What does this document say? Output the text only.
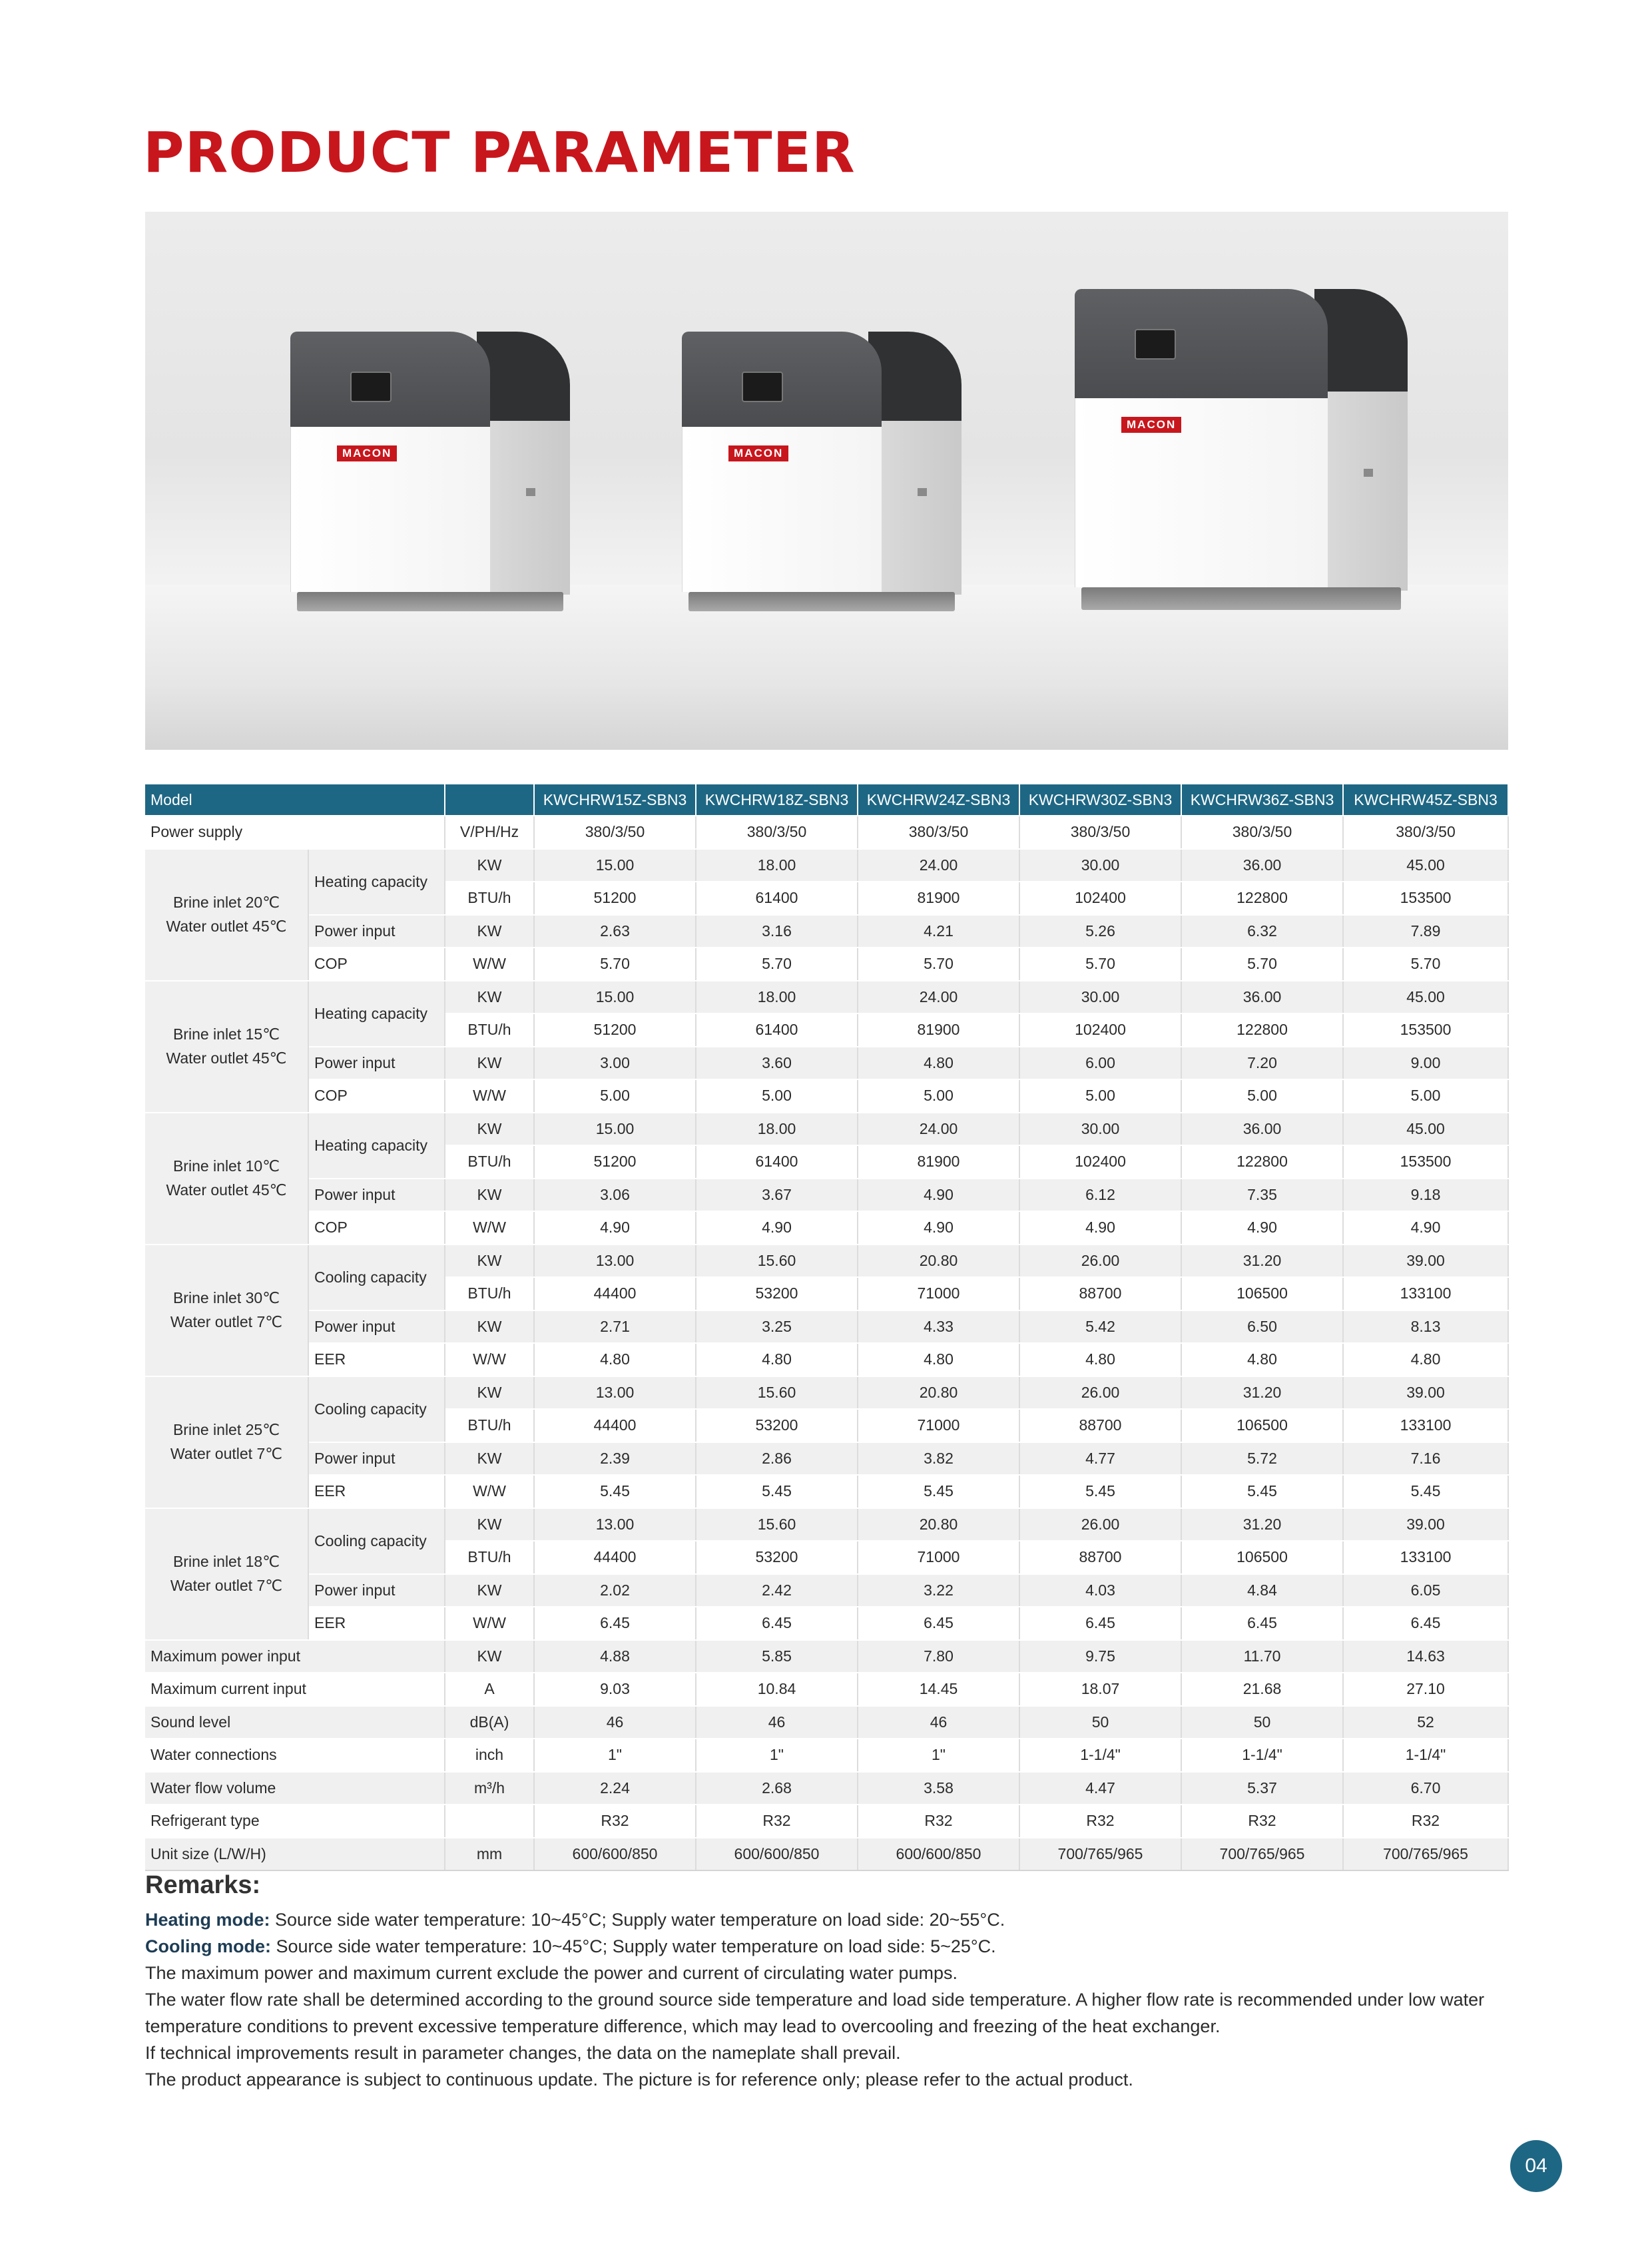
PRODUCT PARAMETER
MACON	MACON
MACON
Model			KWCHRW15Z-SBN3	KWCHRW18Z-SBN3	KWCHRW24Z-SBN3	KWCHRW30Z-SBN3	KWCHRW36Z-SBN3	KWCHRW45Z-SBN3
Power supply		V/PH/Hz	380/3/50	380/3/50	380/3/50	380/3/50	380/3/50	380/3/50

Brine inlet 20℃
Water outlet 45℃	Heating capacity	KW	15.00	18.00	24.00	30.00	36.00	45.00
		BTU/h	51200	61400	81900	102400	122800	153500
	Power input	KW	2.63	3.16	4.21	5.26	6.32	7.89
	COP	W/W	5.70	5.70	5.70	5.70	5.70	5.70

Brine inlet 15℃
Water outlet 45℃	Heating capacity	KW	15.00	18.00	24.00	30.00	36.00	45.00
		BTU/h	51200	61400	81900	102400	122800	153500
	Power input	KW	3.00	3.60	4.80	6.00	7.20	9.00
	COP	W/W	5.00	5.00	5.00	5.00	5.00	5.00

Brine inlet 10℃
Water outlet 45℃	Heating capacity	KW	15.00	18.00	24.00	30.00	36.00	45.00
		BTU/h	51200	61400	81900	102400	122800	153500
	Power input	KW	3.06	3.67	4.90	6.12	7.35	9.18
	COP	W/W	4.90	4.90	4.90	4.90	4.90	4.90

Brine inlet 30℃
Water outlet 7℃	Cooling capacity	KW	13.00	15.60	20.80	26.00	31.20	39.00
		BTU/h	44400	53200	71000	88700	106500	133100
	Power input	KW	2.71	3.25	4.33	5.42	6.50	8.13
	EER	W/W	4.80	4.80	4.80	4.80	4.80	4.80

Brine inlet 25℃
Water outlet 7℃	Cooling capacity	KW	13.00	15.60	20.80	26.00	31.20	39.00
		BTU/h	44400	53200	71000	88700	106500	133100
	Power input	KW	2.39	2.86	3.82	4.77	5.72	7.16
	EER	W/W	5.45	5.45	5.45	5.45	5.45	5.45

Brine inlet 18℃
Water outlet 7℃	Cooling capacity	KW	13.00	15.60	20.80	26.00	31.20	39.00
		BTU/h	44400	53200	71000	88700	106500	133100
	Power input	KW	2.02	2.42	3.22	4.03	4.84	6.05
	EER	W/W	6.45	6.45	6.45	6.45	6.45	6.45
Maximum power input		KW	4.88	5.85	7.80	9.75	11.70	14.63
Maximum current input		A	9.03	10.84	14.45	18.07	21.68	27.10
Sound level		dB(A)	46	46	46	50	50	52
Water connections		inch	1"	1"	1"	1-1/4"	1-1/4"	1-1/4"
Water flow volume		m³/h	2.24	2.68	3.58	4.47	5.37	6.70
Refrigerant type			R32	R32	R32	R32	R32	R32
Unit size (L/W/H)		mm	600/600/850	600/600/850	600/600/850	700/765/965	700/765/965	700/765/965
Remarks:

Heating mode: Source side water temperature: 10~45°C; Supply water temperature on load side: 20~55°C.

Cooling mode: Source side water temperature: 10~45°C; Supply water temperature on load side: 5~25°C.

The maximum power and maximum current exclude the power and current of circulating water pumps.

The water flow rate shall be determined according to the ground source side temperature and load side temperature. A higher flow rate is recommended under low water temperature conditions to prevent excessive temperature difference, which may lead to overcooling and freezing of the heat exchanger.

If technical improvements result in parameter changes, the data on the nameplate shall prevail.

The product appearance is subject to continuous update. The picture is for reference only; please refer to the actual product.

04
